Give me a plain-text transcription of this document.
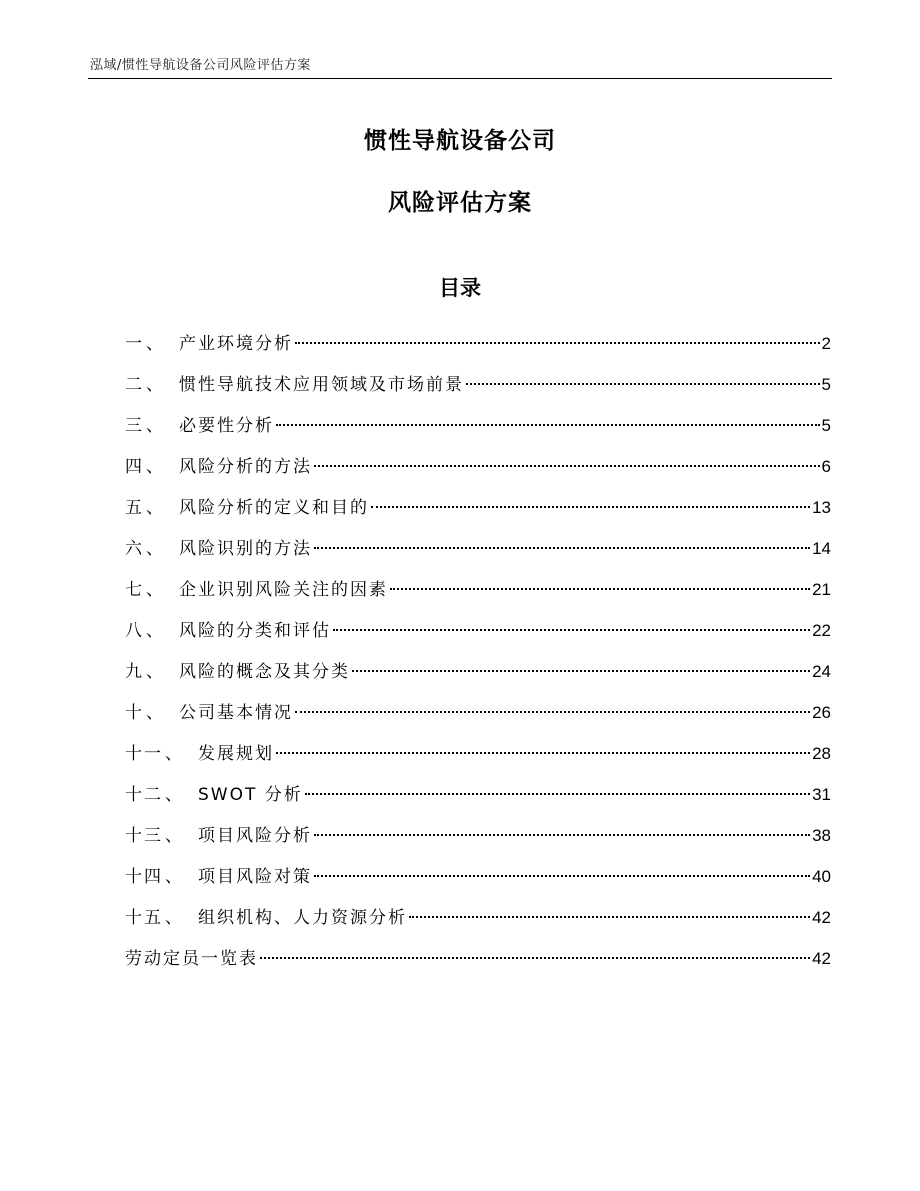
泓域/惯性导航设备公司风险评估方案
惯性导航设备公司
风险评估方案
目录
一 、 产业环境分析	2
二 、 惯性导航技术应用领域及市场前景	5
三 、 必要性分析	5
四 、 风险分析的方法	6
五 、 风险分析的定义和目的	13
六 、 风险识别的方法	14
七 、 企业识别风险关注的因素	21
八 、 风险的分类和评估	22
九 、 风险的概念及其分类	24
十 、 公司基本情况	26
十一 、 发展规划	28
十二 、 SWOT 分析	31
十三 、 项目风险分析	38
十四 、 项目风险对策	40
十五 、 组织机构、人力资源分析	42
劳动定员一览表	42
